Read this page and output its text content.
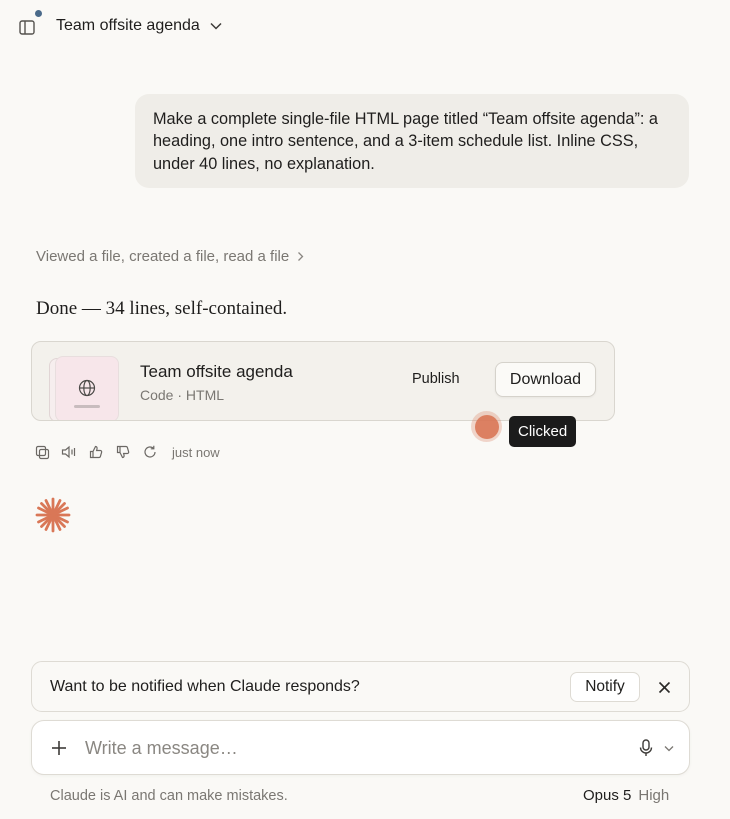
Team offsite agenda
Make a complete single-file HTML page titled “Team offsite agenda”: a heading, one intro sentence, and a 3-item schedule list. Inline CSS, under 40 lines, no explanation.
Viewed a file, created a file, read a file
Done — 34 lines, self-contained.
Team offsite agenda
Code · HTML
Publish	Download
Clicked
just now
Want to be notified when Claude responds?	Notify
Write a message…
Claude is AI and can make mistakes.	Opus 5 High
